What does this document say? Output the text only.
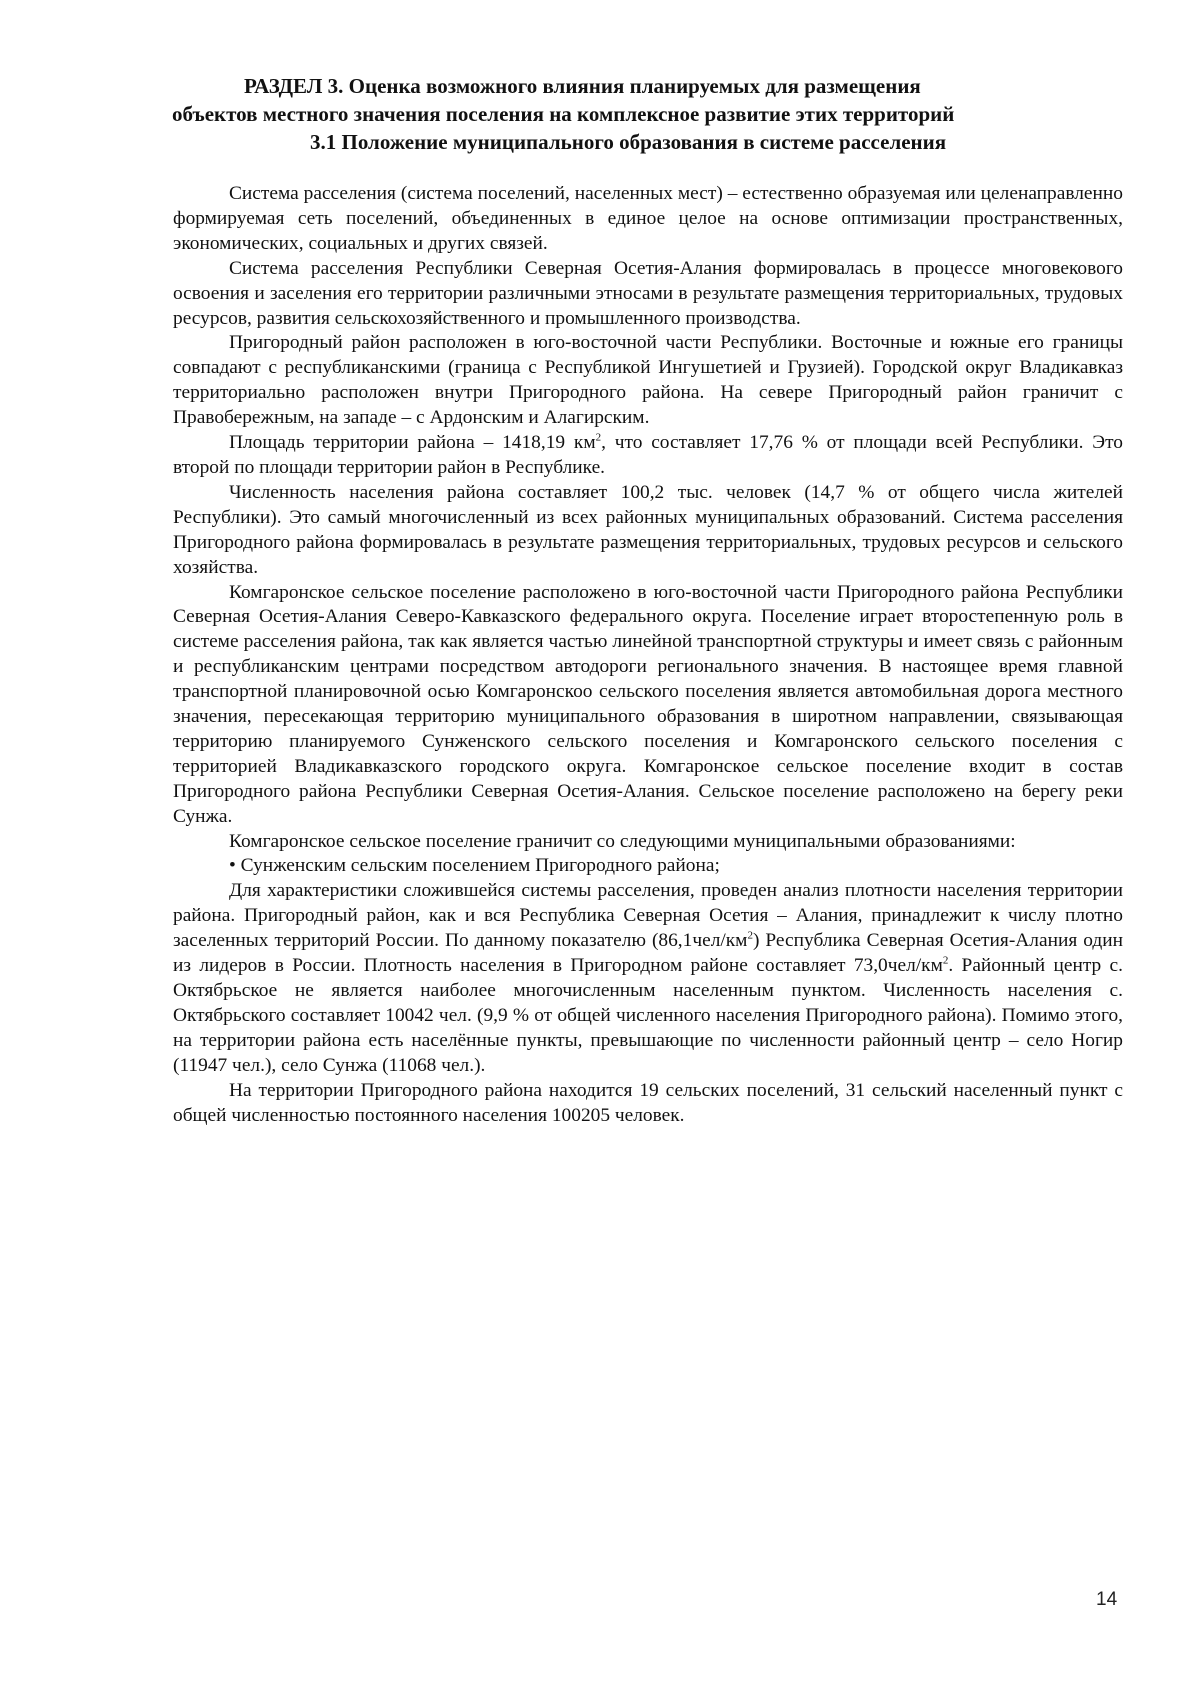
РАЗДЕЛ 3. Оценка возможного влияния планируемых для размещения
объектов местного значения поселения на комплексное развитие этих территорий
3.1 Положение муниципального образования в системе расселения

Система расселения (система поселений, населенных мест) – естественно образуемая или целенаправленно формируемая сеть поселений, объединенных в единое целое на основе оптимизации пространственных, экономических, социальных и других связей.

Система расселения Республики Северная Осетия-Алания формировалась в процессе многовекового освоения и заселения его территории различными этносами в результате размещения территориальных, трудовых ресурсов, развития сельскохозяйственного и промышленного производства.

Пригородный район расположен в юго-восточной части Республики. Восточные и южные его границы совпадают с республиканскими (граница с Республикой Ингушетией и Грузией). Городской округ Владикавказ территориально расположен внутри Пригородного района. На севере Пригородный район граничит с Правобережным, на западе – с Ардонским и Алагирским.

Площадь территории района – 1418,19 $км^2$, что составляет 17,76 % от площади всей Республики. Это второй по площади территории район в Республике.

Численность населения района составляет 100,2 тыс. человек (14,7 % от общего числа жителей Республики). Это самый многочисленный из всех районных муниципальных образований. Система расселения Пригородного района формировалась в результате размещения территориальных, трудовых ресурсов и сельского хозяйства.

Комгаронское сельское поселение расположено в юго-восточной части Пригородного района Республики Северная Осетия-Алания Северо-Кавказского федерального округа. Поселение играет второстепенную роль в системе расселения района, так как является частью линейной транспортной структуры и имеет связь с районным и республиканским центрами посредством автодороги регионального значения. В настоящее время главной транспортной планировочной осью Комгаронскоо сельского поселения является автомобильная дорога местного значения, пересекающая территорию муниципального образования в широтном направлении, связывающая территорию планируемого Сунженского сельского поселения и Комгаронского сельского поселения с территорией Владикавказского городского округа. Комгаронское сельское поселение входит в состав Пригородного района Республики Северная Осетия-Алания. Сельское поселение расположено на берегу реки Сунжа.

Комгаронское сельское поселение граничит со следующими муниципальными образованиями:

• Сунженским сельским поселением Пригородного района;

Для характеристики сложившейся системы расселения, проведен анализ плотности населения территории района. Пригородный район, как и вся Республика Северная Осетия – Алания, принадлежит к числу плотно заселенных территорий России. По данному показателю $(86,1чел/км^2)$ Республика Северная Осетия-Алания один из лидеров в России. Плотность населения в Пригородном районе составляет $73,0чел/км^2$. Районный центр с. Октябрьское не является наиболее многочисленным населенным пунктом. Численность населения с. Октябрьского составляет 10042 чел. (9,9 % от общей численного населения Пригородного района). Помимо этого, на территории района есть населённые пункты, превышающие по численности районный центр – село Ногир (11947 чел.), село Сунжа (11068 чел.).

На территории Пригородного района находится 19 сельских поселений, 31 сельский населенный пункт с общей численностью постоянного населения 100205 человек.

14
